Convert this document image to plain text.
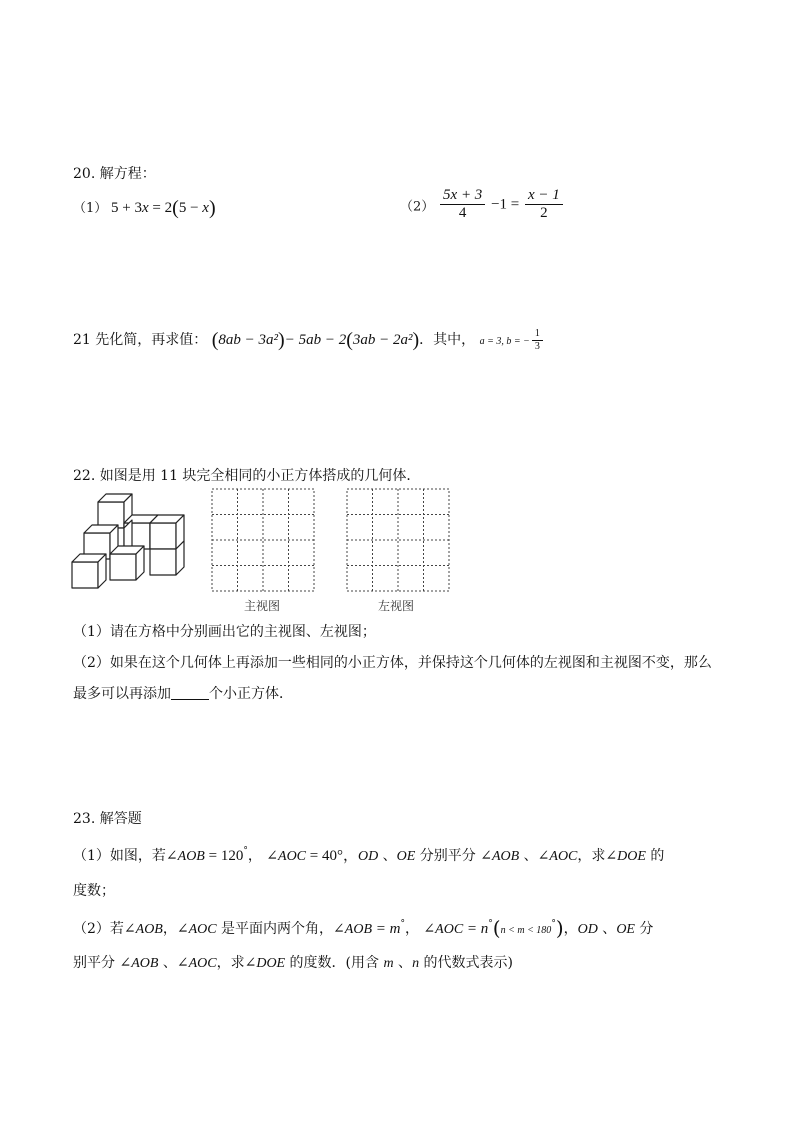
20. 解方程：
（1） 5 + 3x = 2(5 − x)	$(2) \frac{5x + 3}{4} -1 = \frac{x - 1}{2}$
21 先化简，再求值： (8ab − 3a²)− 5ab − 2(3ab − 2a²)．其中， a = 3, b = − $\frac{1}{3}$
22. 如图是用 11 块完全相同的小正方体搭成的几何体．
主视图	左视图
（1）请在方格中分别画出它的主视图、左视图；
（2）如果在这个几何体上再添加一些相同的小正方体，并保持这个几何体的左视图和主视图不变，那么
最多可以再添加	个小正方体．
23. 解答题
（1）如图，若∠AOB = 120°， ∠AOC = 40°，OD 、OE 分别平分 ∠AOB 、∠AOC，求∠DOE 的
度数；
（2）若∠AOB，∠AOC 是平面内两个角，∠AOB = m°， ∠AOC = n°(n < m < 180°)，OD 、OE 分
别平分 ∠AOB 、∠AOC，求∠DOE 的度数．(用含 m 、n 的代数式表示)
